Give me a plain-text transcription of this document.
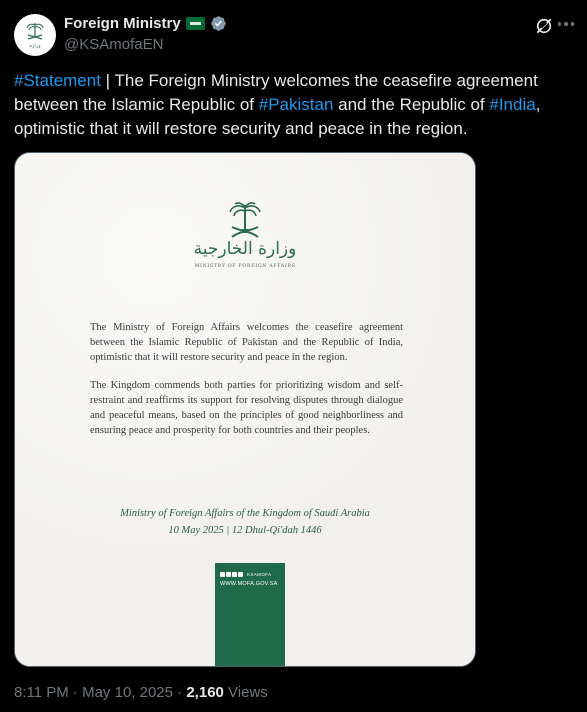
وزارة
Foreign Ministry
@KSAmofaEN
#Statement | The Foreign Ministry welcomes the ceasefire agreement between the Islamic Republic of #Pakistan and the Republic of #India, optimistic that it will restore security and peace in the region.
وزارة الخارجية
MINISTRY OF FOREIGN AFFAIRS

The Ministry of Foreign Affairs welcomes the ceasefire agreement between the Islamic Republic of Pakistan and the Republic of India, optimistic that it will restore security and peace in the region.

The Kingdom commends both parties for prioritizing wisdom and self-restraint and reaffirms its support for resolving disputes through dialogue and peaceful means, based on the principles of good neighborliness and ensuring peace and prosperity for both countries and their peoples.

Ministry of Foreign Affairs of the Kingdom of Saudi Arabia
10 May 2025 | 12 Dhul-Qi'dah 1446
KSAMOFA
WWW.MOFA.GOV.SA
8:11 PM · May 10, 2025 · 2,160 Views
